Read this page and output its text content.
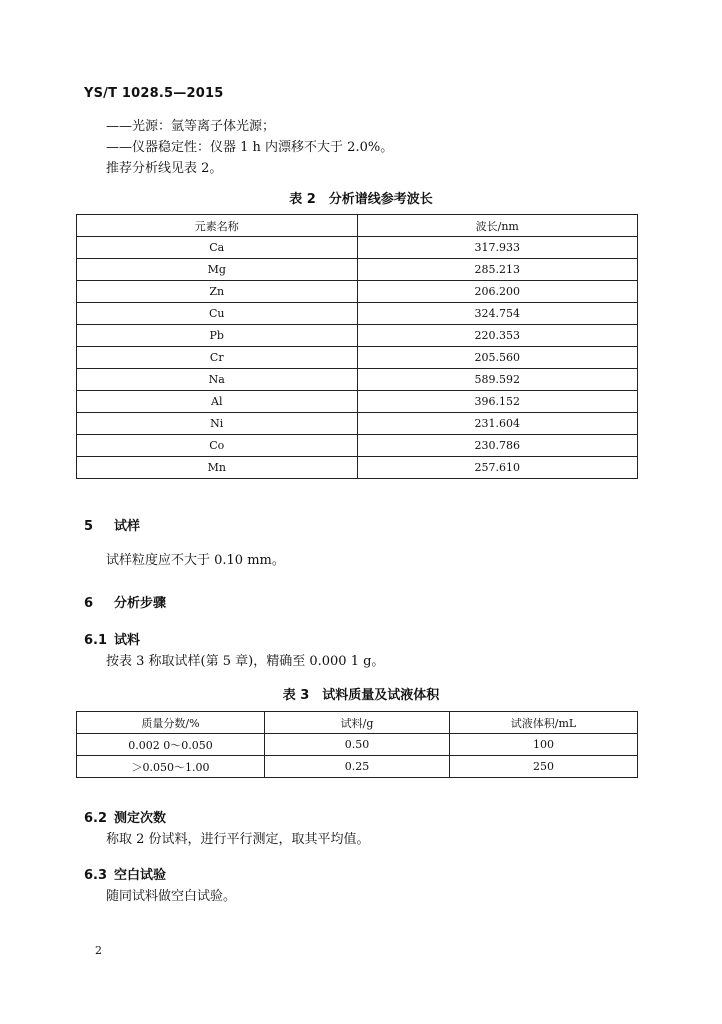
YS/T 1028.5—2015
——光源：氩等离子体光源；
——仪器稳定性：仪器 1 h 内漂移不大于 2.0%。
推荐分析线见表 2。
表 2　分析谱线参考波长
元素名称	波长/nm
Ca	317.933
Mg	285.213
Zn	206.200
Cu	324.754
Pb	220.353
Cr	205.560
Na	589.592
Al	396.152
Ni	231.604
Co	230.786
Mn	257.610
5 试样
试样粒度应不大于 0.10 mm。
6 分析步骤
6.1 试料
按表 3 称取试样(第 5 章)，精确至 0.000 1 g。
表 3　试料质量及试液体积
质量分数/%	试料/g	试液体积/mL
0.002 0～0.050	0.50	100
＞0.050～1.00	0.25	250
6.2 测定次数
称取 2 份试料，进行平行测定，取其平均值。
6.3 空白试验
随同试料做空白试验。
2
